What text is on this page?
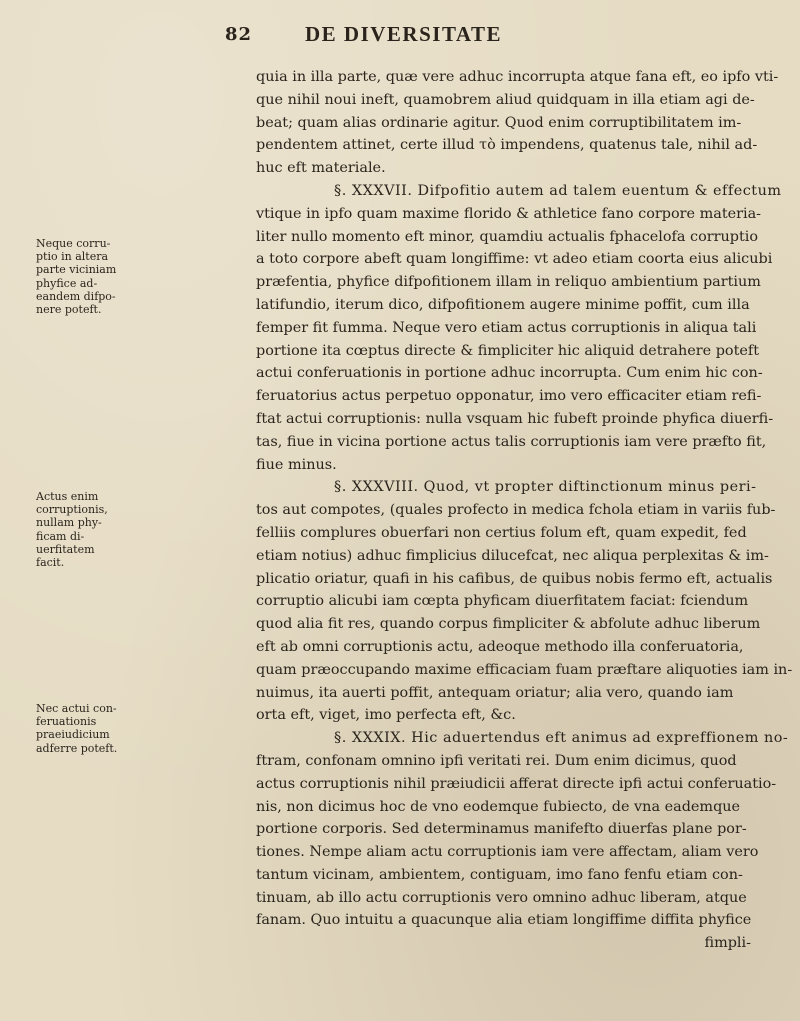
82	DE DIVERSITATE
Neque corru-
ptio in altera
parte viciniam
phyfice ad-
eandem difpo-
nere poteft.
Actus enim
corruptionis,
nullam phy-
ficam di-
uerfitatem
facit.
Nec actui con-
feruationis
praeiudicium
adferre poteft.
quia in illa parte, quæ vere adhuc incorrupta atque fana eft, eo ipfo vti-
que nihil noui ineft, quamobrem aliud quidquam in illa etiam agi de-
beat; quam alias ordinarie agitur. Quod enim corruptibilitatem im-
pendentem attinet, certe illud τὸ impendens, quatenus tale, nihil ad-
huc eft materiale.
§. XXXVII. Difpofitio autem ad talem euentum & effectum
vtique in ipfo quam maxime florido & athletice fano corpore materia-
liter nullo momento eft minor, quamdiu actualis fphacelofa corruptio
a toto corpore abeft quam longiffime: vt adeo etiam coorta eius alicubi
præfentia, phyfice difpofitionem illam in reliquo ambientium partium
latifundio, iterum dico, difpofitionem augere minime poffit, cum illa
femper fit fumma. Neque vero etiam actus corruptionis in aliqua tali
portione ita cœptus directe & fimpliciter hic aliquid detrahere poteft
actui conferuationis in portione adhuc incorrupta. Cum enim hic con-
feruatorius actus perpetuo opponatur, imo vero efficaciter etiam refi-
ftat actui corruptionis: nulla vsquam hic fubeft proinde phyfica diuerfi-
tas, fiue in vicina portione actus talis corruptionis iam vere præfto fit,
fiue minus.
§. XXXVIII. Quod, vt propter diftinctionum minus peri-
tos aut compotes, (quales profecto in medica fchola etiam in variis fub-
felliis complures obuerfari non certius folum eft, quam expedit, fed
etiam notius) adhuc fimplicius dilucefcat, nec aliqua perplexitas & im-
plicatio oriatur, quafi in his cafibus, de quibus nobis fermo eft, actualis
corruptio alicubi iam cœpta phyficam diuerfitatem faciat: fciendum
quod alia fit res, quando corpus fimpliciter & abfolute adhuc liberum
eft ab omni corruptionis actu, adeoque methodo illa conferuatoria,
quam præoccupando maxime efficaciam fuam præftare aliquoties iam in-
nuimus, ita auerti poffit, antequam oriatur; alia vero, quando iam
orta eft, viget, imo perfecta eft, &c.
§. XXXIX. Hic aduertendus eft animus ad expreffionem no-
ftram, confonam omnino ipfi veritati rei. Dum enim dicimus, quod
actus corruptionis nihil præiudicii afferat directe ipfi actui conferuatio-
nis, non dicimus hoc de vno eodemque fubiecto, de vna eademque
portione corporis. Sed determinamus manifefto diuerfas plane por-
tiones. Nempe aliam actu corruptionis iam vere affectam, aliam vero
tantum vicinam, ambientem, contiguam, imo fano fenfu etiam con-
tinuam, ab illo actu corruptionis vero omnino adhuc liberam, atque
fanam. Quo intuitu a quacunque alia etiam longiffime diffita phyfice
fimpli-
